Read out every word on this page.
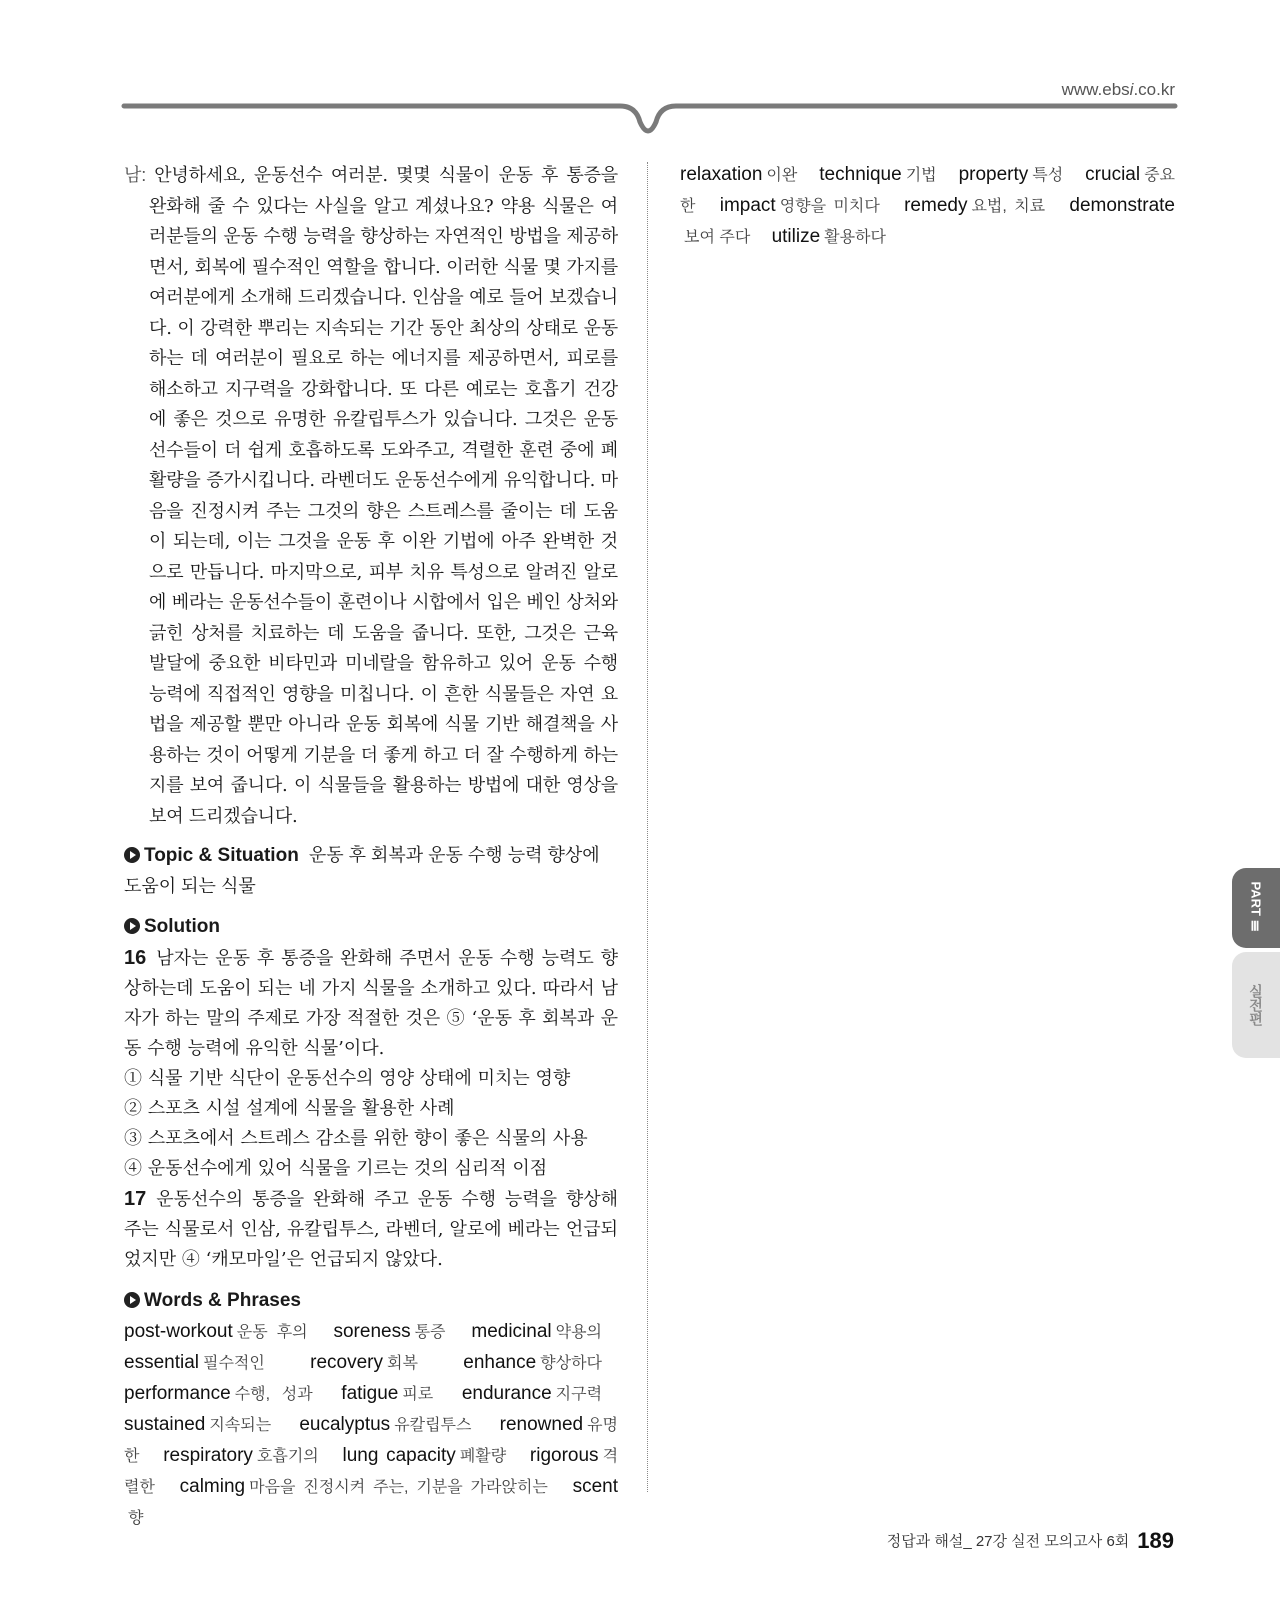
www.ebsi.co.kr

남: 안녕하세요, 운동선수 여러분. 몇몇 식물이 운동 후 통증을 완화해 줄 수 있다는 사실을 알고 계셨나요? 약용 식물은 여러분들의 운동 수행 능력을 향상하는 자연적인 방법을 제공하면서, 회복에 필수적인 역할을 합니다. 이러한 식물 몇 가지를 여러분에게 소개해 드리겠습니다. 인삼을 예로 들어 보겠습니다. 이 강력한 뿌리는 지속되는 기간 동안 최상의 상태로 운동하는 데 여러분이 필요로 하는 에너지를 제공하면서, 피로를 해소하고 지구력을 강화합니다. 또 다른 예로는 호흡기 건강에 좋은 것으로 유명한 유칼립투스가 있습니다. 그것은 운동선수들이 더 쉽게 호흡하도록 도와주고, 격렬한 훈련 중에 폐활량을 증가시킵니다. 라벤더도 운동선수에게 유익합니다. 마음을 진정시켜 주는 그것의 향은 스트레스를 줄이는 데 도움이 되는데, 이는 그것을 운동 후 이완 기법에 아주 완벽한 것으로 만듭니다. 마지막으로, 피부 치유 특성으로 알려진 알로에 베라는 운동선수들이 훈련이나 시합에서 입은 베인 상처와 긁힌 상처를 치료하는 데 도움을 줍니다. 또한, 그것은 근육 발달에 중요한 비타민과 미네랄을 함유하고 있어 운동 수행 능력에 직접적인 영향을 미칩니다. 이 흔한 식물들은 자연 요법을 제공할 뿐만 아니라 운동 회복에 식물 기반 해결책을 사용하는 것이 어떻게 기분을 더 좋게 하고 더 잘 수행하게 하는지를 보여 줍니다. 이 식물들을 활용하는 방법에 대한 영상을 보여 드리겠습니다.

Topic & Situation 운동 후 회복과 운동 수행 능력 향상에 도움이 되는 식물

Solution

16 남자는 운동 후 통증을 완화해 주면서 운동 수행 능력도 향상하는데 도움이 되는 네 가지 식물을 소개하고 있다. 따라서 남자가 하는 말의 주제로 가장 적절한 것은 ⑤ ‘운동 후 회복과 운동 수행 능력에 유익한 식물’이다.

① 식물 기반 식단이 운동선수의 영양 상태에 미치는 영향

② 스포츠 시설 설계에 식물을 활용한 사례

③ 스포츠에서 스트레스 감소를 위한 향이 좋은 식물의 사용

④ 운동선수에게 있어 식물을 기르는 것의 심리적 이점

17 운동선수의 통증을 완화해 주고 운동 수행 능력을 향상해 주는 식물로서 인삼, 유칼립투스, 라벤더, 알로에 베라는 언급되었지만 ④ ‘캐모마일’은 언급되지 않았다.

Words & Phrases

post-workout 운동 후의 soreness 통증 medicinal 약용의 essential 필수적인 recovery 회복 enhance 향상하다 performance 수행, 성과 fatigue 피로 endurance 지구력 sustained 지속되는 eucalyptus 유칼립투스 renowned 유명한 respiratory 호흡기의 lung capacity 폐활량 rigorous 격렬한 calming 마음을 진정시켜 주는, 기분을 가라앉히는 scent향

relaxation 이완 technique 기법 property 특성 crucial 중요한 impact 영향을 미치다 remedy 요법, 치료 demonstrate보여 주다 utilize 활용하다

PART Ⅲ
실전편
정답과 해설_ 27강 실전 모의고사 6회 189
